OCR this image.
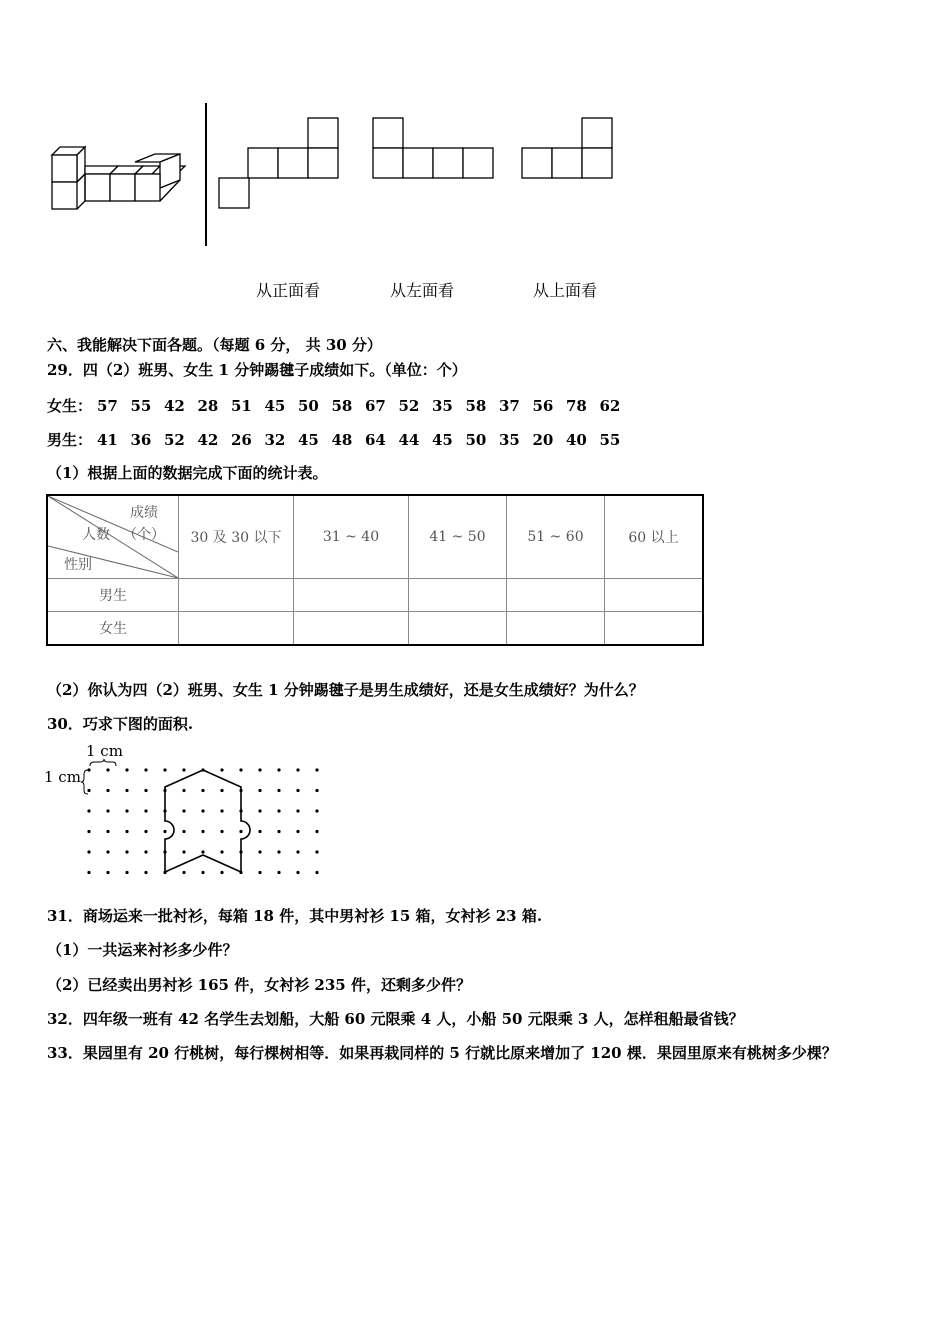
从正面看	从左面看	从上面看
六、我能解决下面各题。（每题 6 分， 共 30 分）
29．四（2）班男、女生 1 分钟踢毽子成绩如下。（单位：个）
女生： 57 55 42 28 51 45 50 58 67 52 35 58 37 56 78 62
男生： 41 36 52 42 26 32 45 48 64 44 45 50 35 20 40 55
（1）根据上面的数据完成下面的统计表。
成绩
（个）
人数
性别	30 及 30 以下	31 ~ 40	41 ~ 50	51 ~ 60	60 以上
男生					
女生					
（2）你认为四（2）班男、女生 1 分钟踢毽子是男生成绩好，还是女生成绩好？为什么？
30．巧求下图的面积.
1 cm
1 cm
31．商场运来一批衬衫，每箱 18 件，其中男衬衫 15 箱，女衬衫 23 箱.
（1）一共运来衬衫多少件？
（2）已经卖出男衬衫 165 件，女衬衫 235 件，还剩多少件？
32．四年级一班有 42 名学生去划船，大船 60 元限乘 4 人，小船 50 元限乘 3 人，怎样租船最省钱？
33．果园里有 20 行桃树，每行棵树相等．如果再栽同样的 5 行就比原来增加了 120 棵．果园里原来有桃树多少棵？
